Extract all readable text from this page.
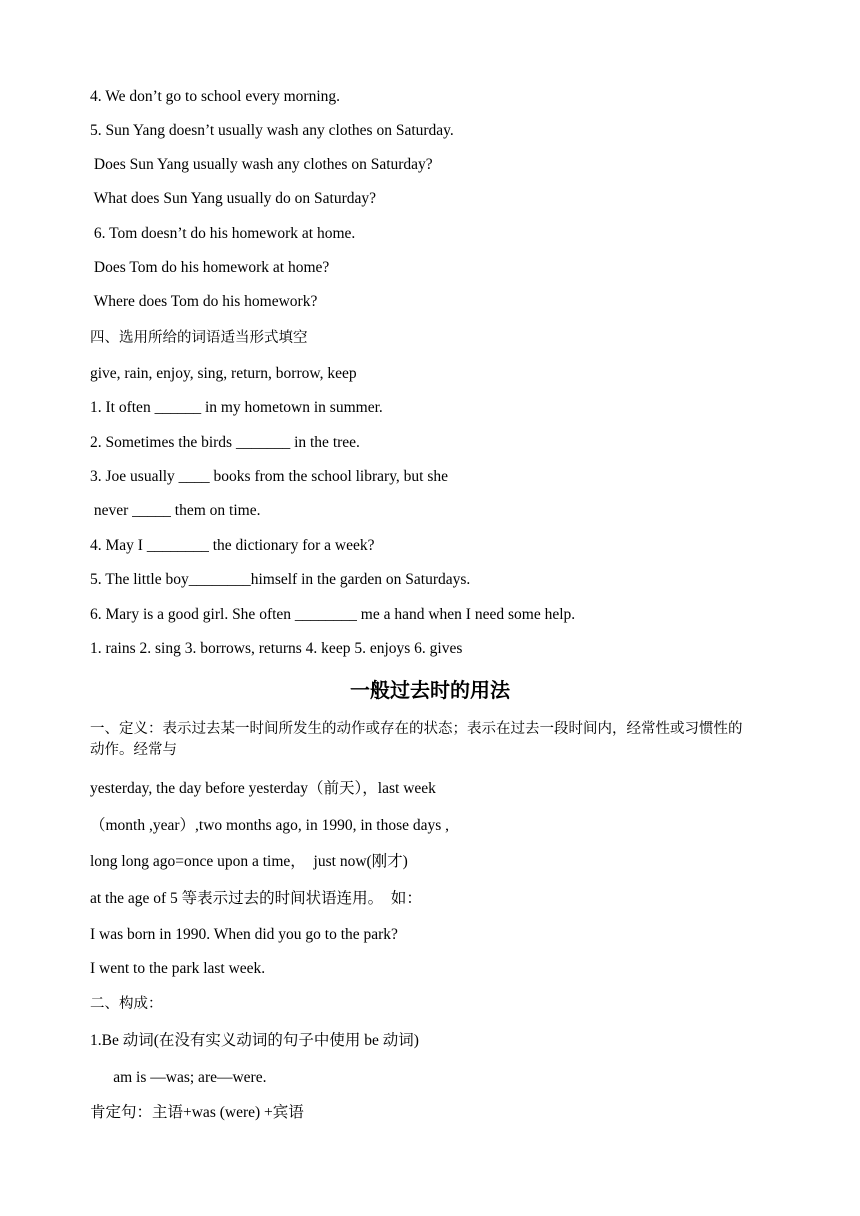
4. We don’t go to school every morning.
5. Sun Yang doesn’t usually wash any clothes on Saturday.
Does Sun Yang usually wash any clothes on Saturday?
What does Sun Yang usually do on Saturday?
6. Tom doesn’t do his homework at home.
Does Tom do his homework at home?
Where does Tom do his homework?
四、选用所给的词语适当形式填空
give, rain, enjoy, sing, return, borrow, keep
1. It often ______ in my hometown in summer.
2. Sometimes the birds _______ in the tree.
3. Joe usually ____ books from the school library, but she
never _____ them on time.
4. May I ________ the dictionary for a week?
5. The little boy________himself in the garden on Saturdays.
6. Mary is a good girl. She often ________ me a hand when I need some help.
1. rains 2. sing 3. borrows, returns 4. keep 5. enjoys 6. gives
一般过去时的用法
一、定义：表示过去某一时间所发生的动作或存在的状态；表示在过去一段时间内，经常性或习惯性的动作。经常与
yesterday, the day before yesterday（前天），last week
（month ,year）,two months ago, in 1990, in those days ,
long long ago=once upon a time，  just now(刚才)
at the age of 5 等表示过去的时间状语连用。  如：
I was born in 1990. When did you go to the park?
I went to the park last week.
二、构成：
1.Be 动词(在没有实义动词的句子中使用 be 动词)
am is —was; are—were.
肯定句：主语+was (were) +宾语
